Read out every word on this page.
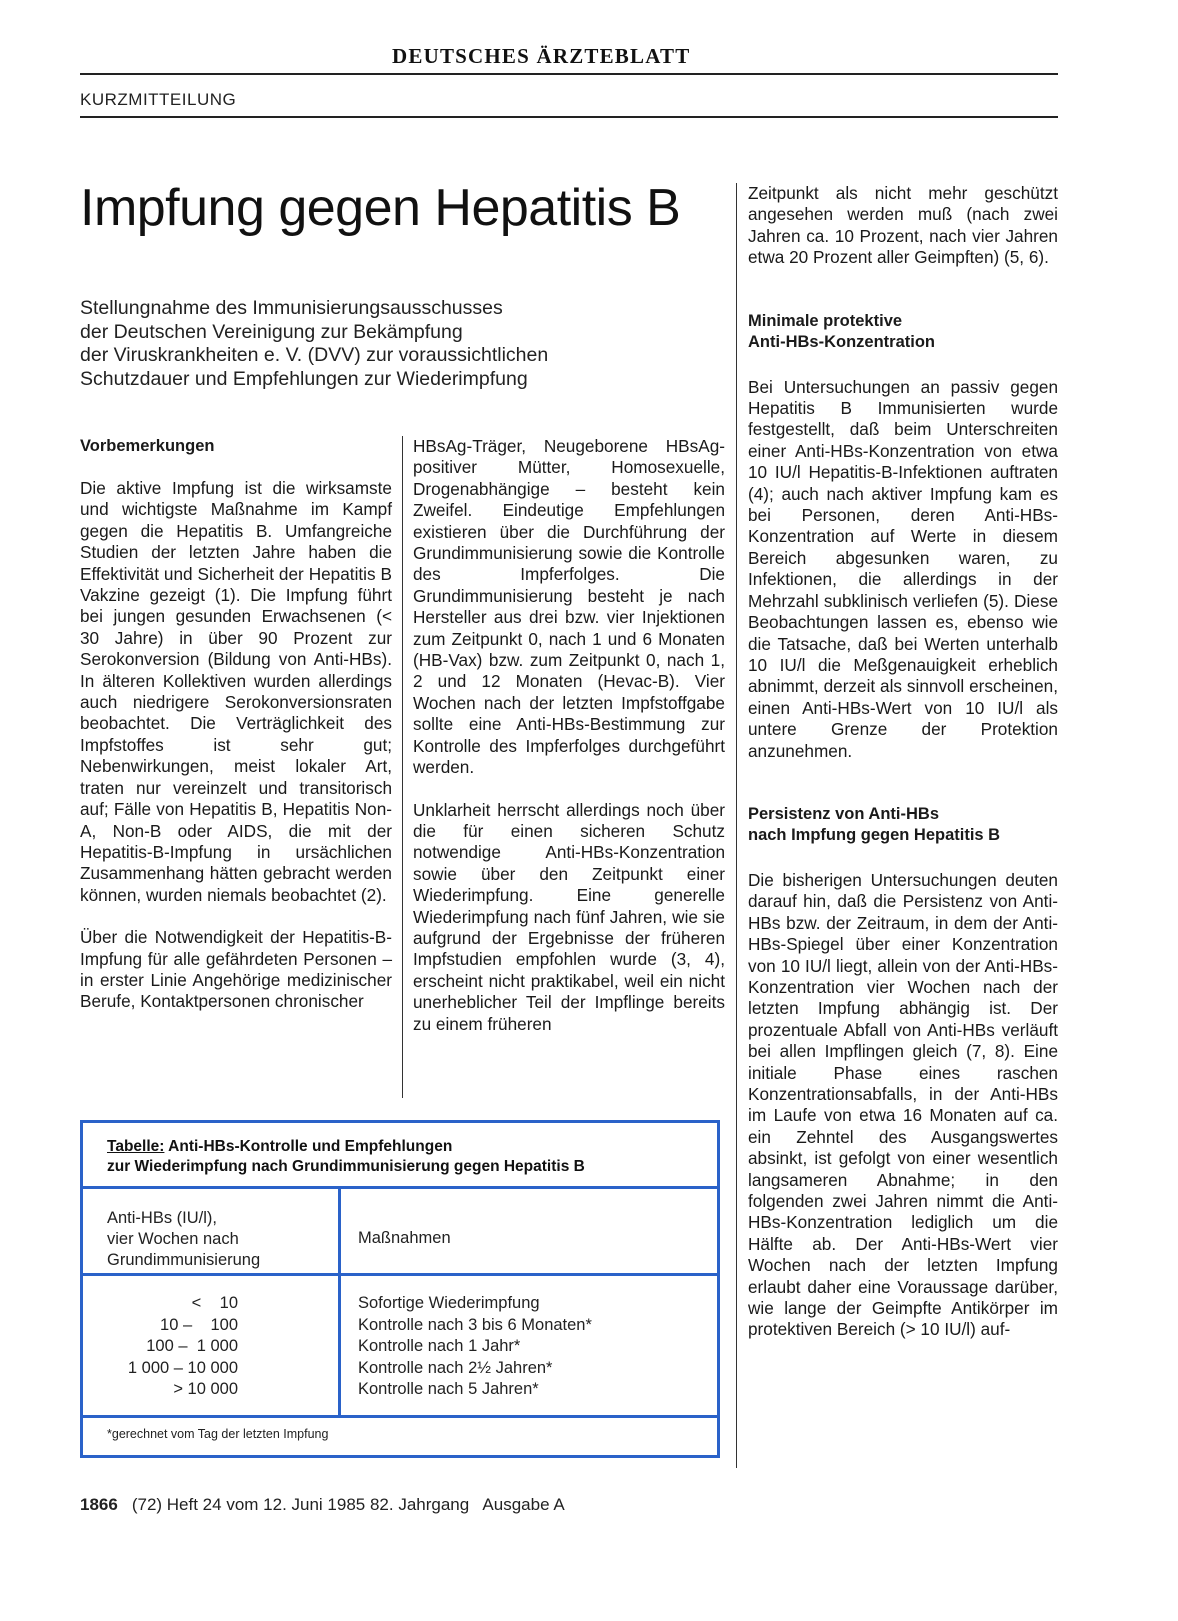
DEUTSCHES ÄRZTEBLATT
KURZMITTEILUNG
Impfung gegen Hepatitis B
Stellungnahme des Immunisierungsausschusses
der Deutschen Vereinigung zur Bekämpfung
der Viruskrankheiten e. V. (DVV) zur voraussichtlichen
Schutzdauer und Empfehlungen zur Wiederimpfung
Vorbemerkungen

Die aktive Impfung ist die wirksamste und wichtigste Maßnahme im Kampf gegen die Hepatitis B. Umfangreiche Studien der letzten Jahre haben die Effektivität und Sicherheit der Hepatitis B Vakzine gezeigt (1). Die Impfung führt bei jungen gesunden Erwachsenen (< 30 Jahre) in über 90 Prozent zur Serokonversion (Bildung von Anti-HBs). In älteren Kollektiven wurden allerdings auch niedrigere Serokonversionsraten beobachtet. Die Verträglichkeit des Impfstoffes ist sehr gut; Nebenwirkungen, meist lokaler Art, traten nur vereinzelt und transitorisch auf; Fälle von Hepatitis B, Hepatitis Non-A, Non-B oder AIDS, die mit der Hepatitis-B-Impfung in ursächlichen Zusammenhang hätten gebracht werden können, wurden niemals beobachtet (2).

Über die Notwendigkeit der Hepatitis-B-Impfung für alle gefährdeten Personen – in erster Linie Angehörige medizinischer Berufe, Kontaktpersonen chronischer

HBsAg-Träger, Neugeborene HBsAg-positiver Mütter, Homosexuelle, Drogenabhängige – besteht kein Zweifel. Eindeutige Empfehlungen existieren über die Durchführung der Grundimmunisierung sowie die Kontrolle des Impferfolges. Die Grundimmunisierung besteht je nach Hersteller aus drei bzw. vier Injektionen zum Zeitpunkt 0, nach 1 und 6 Monaten (HB-Vax) bzw. zum Zeitpunkt 0, nach 1, 2 und 12 Monaten (Hevac-B). Vier Wochen nach der letzten Impfstoffgabe sollte eine Anti-HBs-Bestimmung zur Kontrolle des Impferfolges durchgeführt werden.

Unklarheit herrscht allerdings noch über die für einen sicheren Schutz notwendige Anti-HBs-Konzentration sowie über den Zeitpunkt einer Wiederimpfung. Eine generelle Wiederimpfung nach fünf Jahren, wie sie aufgrund der Ergebnisse der früheren Impfstudien empfohlen wurde (3, 4), erscheint nicht praktikabel, weil ein nicht unerheblicher Teil der Impflinge bereits zu einem früheren

Zeitpunkt als nicht mehr geschützt angesehen werden muß (nach zwei Jahren ca. 10 Prozent, nach vier Jahren etwa 20 Prozent aller Geimpften) (5, 6).

Minimale protektive
Anti-HBs-Konzentration

Bei Untersuchungen an passiv gegen Hepatitis B Immunisierten wurde festgestellt, daß beim Unterschreiten einer Anti-HBs-Konzentration von etwa 10 IU/l Hepatitis-B-Infektionen auftraten (4); auch nach aktiver Impfung kam es bei Personen, deren Anti-HBs-Konzentration auf Werte in diesem Bereich abgesunken waren, zu Infektionen, die allerdings in der Mehrzahl subklinisch verliefen (5). Diese Beobachtungen lassen es, ebenso wie die Tatsache, daß bei Werten unterhalb 10 IU/l die Meßgenauigkeit erheblich abnimmt, derzeit als sinnvoll erscheinen, einen Anti-HBs-Wert von 10 IU/l als untere Grenze der Protektion anzunehmen.

Persistenz von Anti-HBs
nach Impfung gegen Hepatitis B

Die bisherigen Untersuchungen deuten darauf hin, daß die Persistenz von Anti-HBs bzw. der Zeitraum, in dem der Anti-HBs-Spiegel über einer Konzentration von 10 IU/l liegt, allein von der Anti-HBs-Konzentration vier Wochen nach der letzten Impfung abhängig ist. Der prozentuale Abfall von Anti-HBs verläuft bei allen Impflingen gleich (7, 8). Eine initiale Phase eines raschen Konzentrationsabfalls, in der Anti-HBs im Laufe von etwa 16 Monaten auf ca. ein Zehntel des Ausgangswertes absinkt, ist gefolgt von einer wesentlich langsameren Abnahme; in den folgenden zwei Jahren nimmt die Anti-HBs-Konzentration lediglich um die Hälfte ab. Der Anti-HBs-Wert vier Wochen nach der letzten Impfung erlaubt daher eine Voraussage darüber, wie lange der Geimpfte Antikörper im protektiven Bereich (> 10 IU/l) auf-

Tabelle: Anti-HBs-Kontrolle und Empfehlungen
zur Wiederimpfung nach Grundimmunisierung gegen Hepatitis B
Anti-HBs (IU/l),
vier Wochen nach
Grundimmunisierung
Maßnahmen
<    10
10 –    100
100 –  1 000
1 000 – 10 000
> 10 000
Sofortige Wiederimpfung
Kontrolle nach 3 bis 6 Monaten*
Kontrolle nach 1 Jahr*
Kontrolle nach 2½ Jahren*
Kontrolle nach 5 Jahren*
*gerechnet vom Tag der letzten Impfung
1866 (72) Heft 24 vom 12. Juni 1985 82. Jahrgang   Ausgabe A
